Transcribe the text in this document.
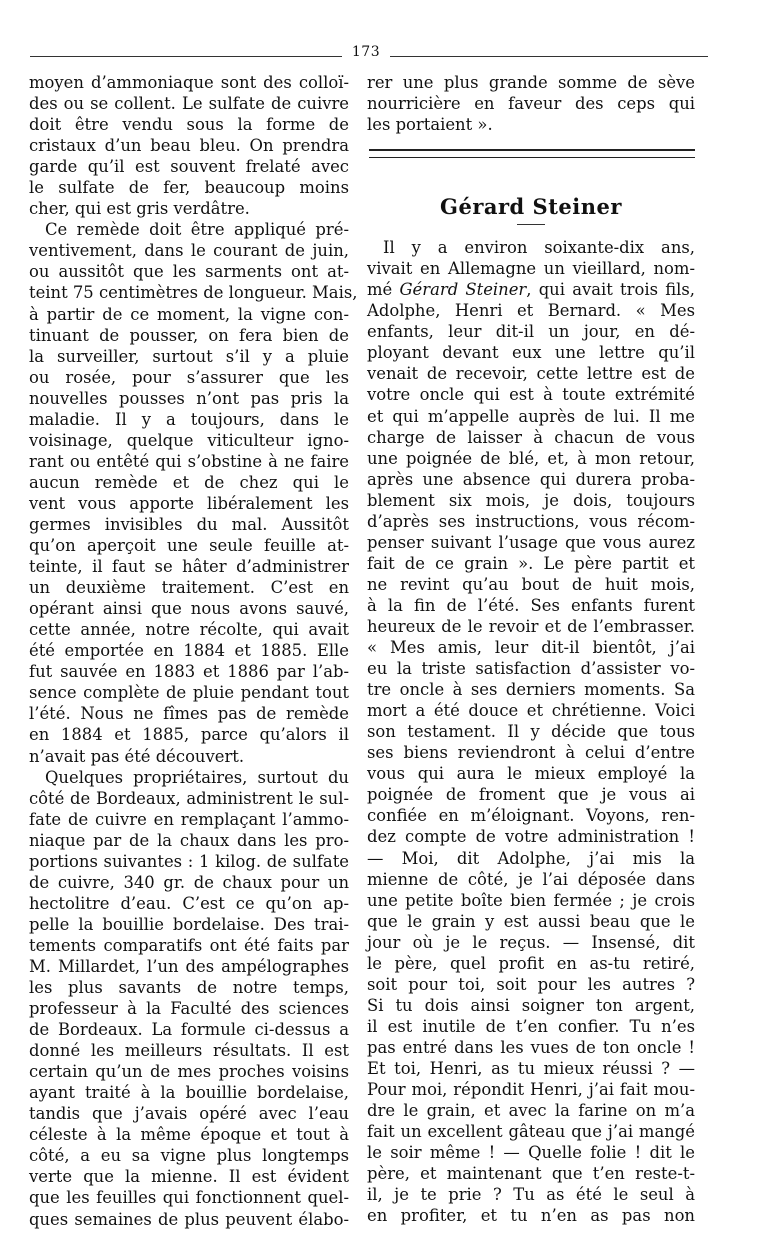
173
moyen d’ammoniaque sont des colloï-
des ou se collent. Le sulfate de cuivre
doit être vendu sous la forme de
cristaux d’un beau bleu. On prendra
garde qu’il est souvent frelaté avec
le sulfate de fer, beaucoup moins
cher, qui est gris verdâtre.
Ce remède doit être appliqué pré-
ventivement, dans le courant de juin,
ou aussitôt que les sarments ont at-
teint 75 centimètres de longueur. Mais,
à partir de ce moment, la vigne con-
tinuant de pousser, on fera bien de
la surveiller, surtout s’il y a pluie
ou rosée, pour s’assurer que les
nouvelles pousses n’ont pas pris la
maladie. Il y a toujours, dans le
voisinage, quelque viticulteur igno-
rant ou entêté qui s’obstine à ne faire
aucun remède et de chez qui le
vent vous apporte libéralement les
germes invisibles du mal. Aussitôt
qu’on aperçoit une seule feuille at-
teinte, il faut se hâter d’administrer
un deuxième traitement. C’est en
opérant ainsi que nous avons sauvé,
cette année, notre récolte, qui avait
été emportée en 1884 et 1885. Elle
fut sauvée en 1883 et 1886 par l’ab-
sence complète de pluie pendant tout
l’été. Nous ne fîmes pas de remède
en 1884 et 1885, parce qu’alors il
n’avait pas été découvert.
Quelques propriétaires, surtout du
côté de Bordeaux, administrent le sul-
fate de cuivre en remplaçant l’ammo-
niaque par de la chaux dans les pro-
portions suivantes : 1 kilog. de sulfate
de cuivre, 340 gr. de chaux pour un
hectolitre d’eau. C’est ce qu’on ap-
pelle la bouillie bordelaise. Des trai-
tements comparatifs ont été faits par
M. Millardet, l’un des ampélographes
les plus savants de notre temps,
professeur à la Faculté des sciences
de Bordeaux. La formule ci-dessus a
donné les meilleurs résultats. Il est
certain qu’un de mes proches voisins
ayant traité à la bouillie bordelaise,
tandis que j’avais opéré avec l’eau
céleste à la même époque et tout à
côté, a eu sa vigne plus longtemps
verte que la mienne. Il est évident
que les feuilles qui fonctionnent quel-
ques semaines de plus peuvent élabo-
rer une plus grande somme de sève
nourricière en faveur des ceps qui
les portaient ».
Gérard Steiner
Il y a environ soixante-dix ans,
vivait en Allemagne un vieillard, nom-
mé Gérard Steiner, qui avait trois fils,
Adolphe, Henri et Bernard. « Mes
enfants, leur dit-il un jour, en dé-
ployant devant eux une lettre qu’il
venait de recevoir, cette lettre est de
votre oncle qui est à toute extrémité
et qui m’appelle auprès de lui. Il me
charge de laisser à chacun de vous
une poignée de blé, et, à mon retour,
après une absence qui durera proba-
blement six mois, je dois, toujours
d’après ses instructions, vous récom-
penser suivant l’usage que vous aurez
fait de ce grain ». Le père partit et
ne revint qu’au bout de huit mois,
à la fin de l’été. Ses enfants furent
heureux de le revoir et de l’embrasser.
« Mes amis, leur dit-il bientôt, j’ai
eu la triste satisfaction d’assister vo-
tre oncle à ses derniers moments. Sa
mort a été douce et chrétienne. Voici
son testament. Il y décide que tous
ses biens reviendront à celui d’entre
vous qui aura le mieux employé la
poignée de froment que je vous ai
confiée en m’éloignant. Voyons, ren-
dez compte de votre administration !
— Moi, dit Adolphe, j’ai mis la
mienne de côté, je l’ai déposée dans
une petite boîte bien fermée ; je crois
que le grain y est aussi beau que le
jour où je le reçus. — Insensé, dit
le père, quel profit en as-tu retiré,
soit pour toi, soit pour les autres ?
Si tu dois ainsi soigner ton argent,
il est inutile de t’en confier. Tu n’es
pas entré dans les vues de ton oncle !
Et toi, Henri, as tu mieux réussi ? —
Pour moi, répondit Henri, j’ai fait mou-
dre le grain, et avec la farine on m’a
fait un excellent gâteau que j’ai mangé
le soir même ! — Quelle folie ! dit le
père, et maintenant que t’en reste-t-
il, je te prie ? Tu as été le seul à
en profiter, et tu n’en as pas non
